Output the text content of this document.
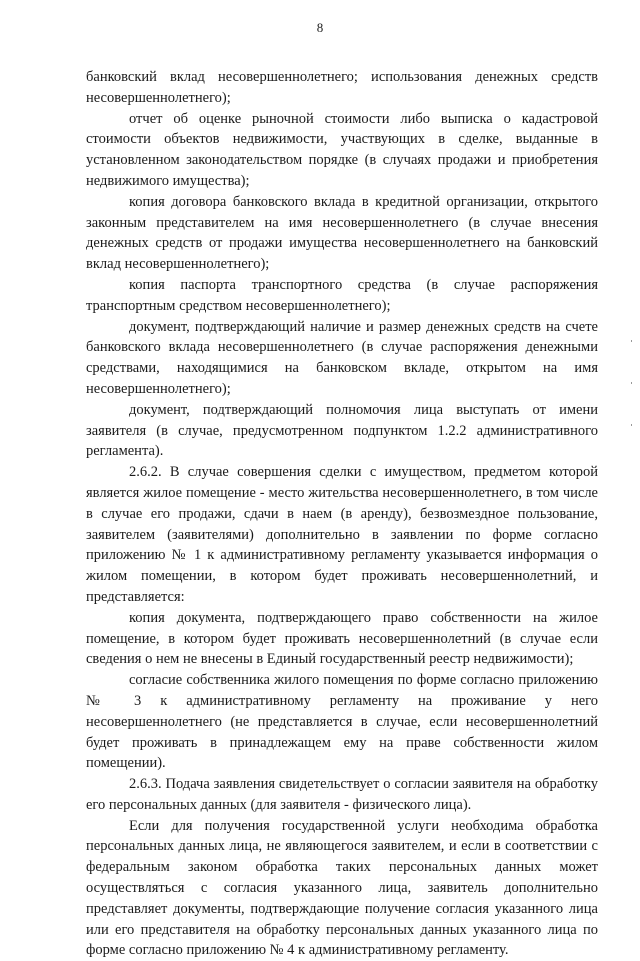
8

банковский вклад несовершеннолетнего; использования денежных средств несовершеннолетнего);

отчет об оценке рыночной стоимости либо выписка о кадастровой стоимости объектов недвижимости, участвующих в сделке, выданные в установленном законодательством порядке (в случаях продажи и приобретения недвижимого имущества);

копия договора банковского вклада в кредитной организации, открытого законным представителем на имя несовершеннолетнего (в случае внесения денежных средств от продажи имущества несовершеннолетнего на банковский вклад несовершеннолетнего);

копия паспорта транспортного средства (в случае распоряжения транспортным средством несовершеннолетнего);

документ, подтверждающий наличие и размер денежных средств на счете банковского вклада несовершеннолетнего (в случае распоряжения денежными средствами, находящимися на банковском вкладе, открытом на имя несовершеннолетнего);

документ, подтверждающий полномочия лица выступать от имени заявителя (в случае, предусмотренном подпунктом 1.2.2 административного регламента).

2.6.2. В случае совершения сделки с имуществом, предметом которой является жилое помещение - место жительства несовершеннолетнего, в том числе в случае его продажи, сдачи в наем (в аренду), безвозмездное пользование, заявителем (заявителями) дополнительно в заявлении по форме согласно приложению № 1 к административному регламенту указывается информация о жилом помещении, в котором будет проживать несовершеннолетний, и представляется:

копия документа, подтверждающего право собственности на жилое помещение, в котором будет проживать несовершеннолетний (в случае если сведения о нем не внесены в Единый государственный реестр недвижимости);

согласие собственника жилого помещения по форме согласно приложению № 3 к административному регламенту на проживание у него несовершеннолетнего (не представляется в случае, если несовершеннолетний будет проживать в принадлежащем ему на праве собственности жилом помещении).

2.6.3. Подача заявления свидетельствует о согласии заявителя на обработку его персональных данных (для заявителя - физического лица).

Если для получения государственной услуги необходима обработка персональных данных лица, не являющегося заявителем, и если в соответствии с федеральным законом обработка таких персональных данных может осуществляться с согласия указанного лица, заявитель дополнительно представляет документы, подтверждающие получение согласия указанного лица или его представителя на обработку персональных данных указанного лица по форме согласно приложению № 4 к административному регламенту.
